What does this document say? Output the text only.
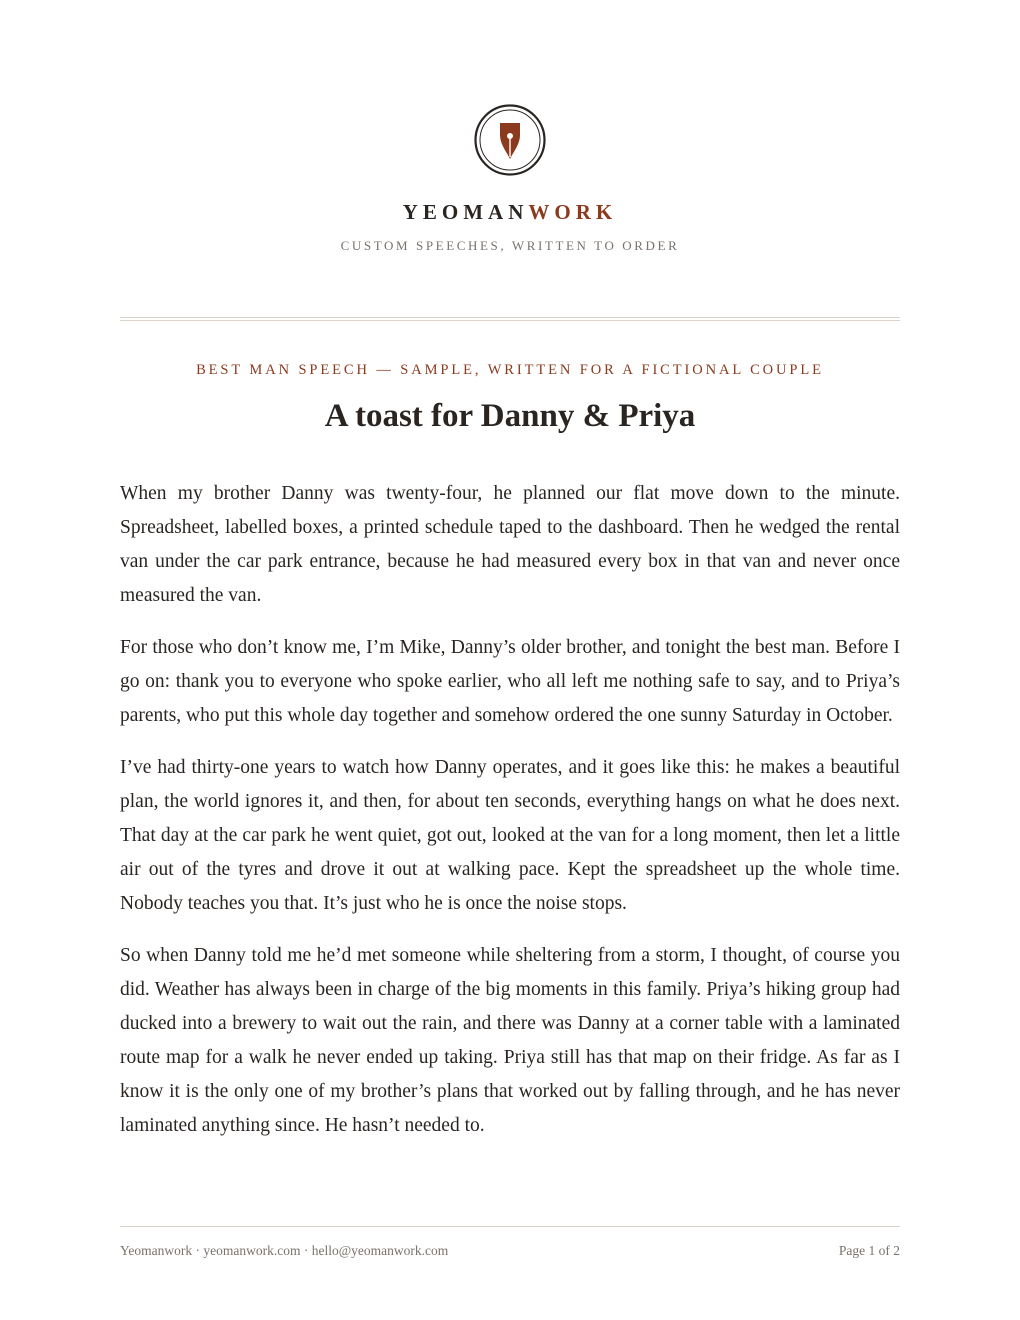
YEOMANWORK
CUSTOM SPEECHES, WRITTEN TO ORDER
BEST MAN SPEECH — SAMPLE, WRITTEN FOR A FICTIONAL COUPLE
A toast for Danny & Priya

When my brother Danny was twenty-four, he planned our flat move down to the minute. Spreadsheet, labelled boxes, a printed schedule taped to the dashboard. Then he wedged the rental van under the car park entrance, because he had measured every box in that van and never once measured the van.

For those who don’t know me, I’m Mike, Danny’s older brother, and tonight the best man. Before I go on: thank you to everyone who spoke earlier, who all left me nothing safe to say, and to Priya’s parents, who put this whole day together and somehow ordered the one sunny Saturday in October.

I’ve had thirty-one years to watch how Danny operates, and it goes like this: he makes a beautiful plan, the world ignores it, and then, for about ten seconds, everything hangs on what he does next. That day at the car park he went quiet, got out, looked at the van for a long moment, then let a little air out of the tyres and drove it out at walking pace. Kept the spreadsheet up the whole time. Nobody teaches you that. It’s just who he is once the noise stops.

So when Danny told me he’d met someone while sheltering from a storm, I thought, of course you did. Weather has always been in charge of the big moments in this family. Priya’s hiking group had ducked into a brewery to wait out the rain, and there was Danny at a corner table with a laminated route map for a walk he never ended up taking. Priya still has that map on their fridge. As far as I know it is the only one of my brother’s plans that worked out by falling through, and he has never laminated anything since. He hasn’t needed to.

Yeomanwork · yeomanwork.com · hello@yeomanwork.com	Page 1 of 2
